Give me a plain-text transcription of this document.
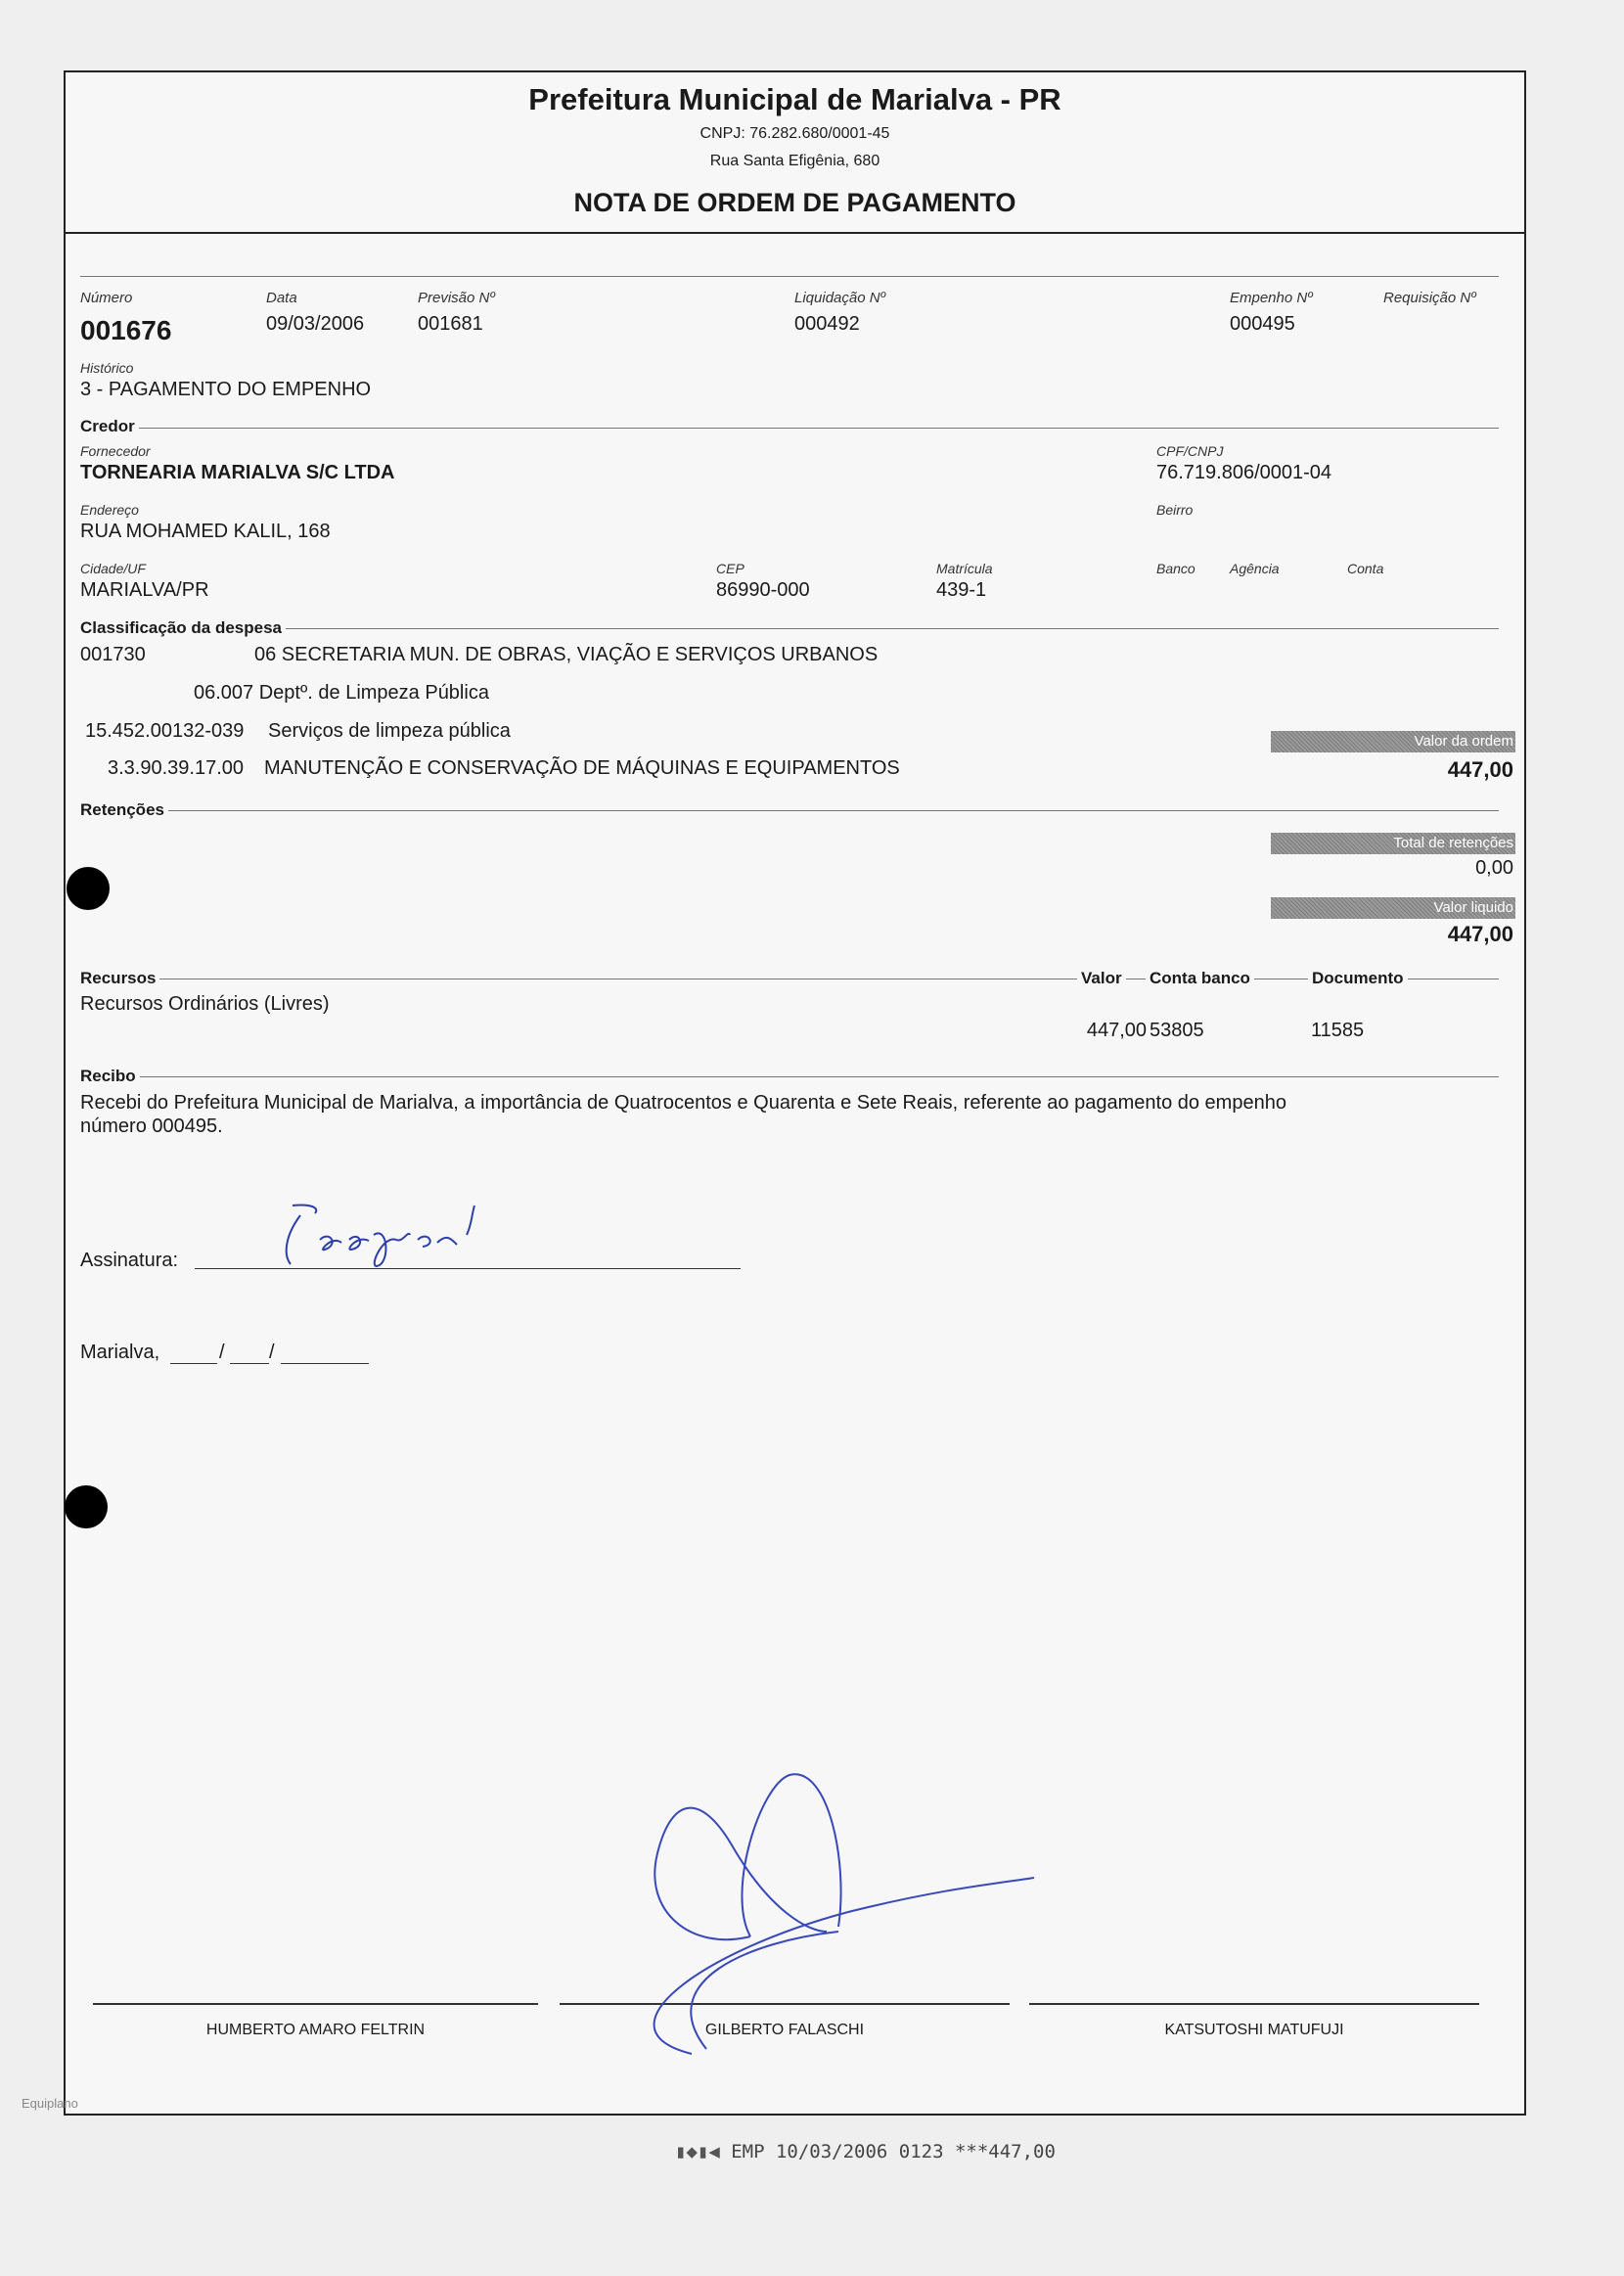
Prefeitura Municipal de Marialva - PR
CNPJ: 76.282.680/0001-45
Rua Santa Efigênia, 680
NOTA DE ORDEM DE PAGAMENTO
Número
001676
Data
09/03/2006
Previsão Nº
001681
Liquidação Nº
000492
Empenho Nº
000495
Requisição Nº
Histórico
3 - PAGAMENTO DO EMPENHO
Credor
Fornecedor
TORNEARIA MARIALVA S/C LTDA
CPF/CNPJ
76.719.806/0001-04
Endereço
RUA MOHAMED KALIL, 168
Beirro
Cidade/UF
MARIALVA/PR
CEP
86990-000
Matrícula
439-1
Banco	Agência	Conta
Classificação da despesa
001730	06 SECRETARIA MUN. DE OBRAS, VIAÇÃO E SERVIÇOS URBANOS
06.007 Deptº. de Limpeza Pública
15.452.00132-039 Serviços de limpeza pública
3.3.90.39.17.00 MANUTENÇÃO E CONSERVAÇÃO DE MÁQUINAS E EQUIPAMENTOS
Valor da ordem
447,00
Retenções
Total de retenções
0,00
Valor liquido
447,00
Recursos	Valor Conta banco	Documento
Recursos Ordinários (Livres)
447,00 53805	11585
Recibo
Recebi do Prefeitura Municipal de Marialva, a importância de Quatrocentos e Quarenta e Sete Reais, referente ao pagamento do empenho
número 000495.
Assinatura:
Marialva,	/ /
HUMBERTO AMARO FELTRIN	GILBERTO FALASCHI	KATSUTOSHI MATUFUJI
Equiplano
▮◆▮◀ EMP 10/03/2006 0123 ***447,00
